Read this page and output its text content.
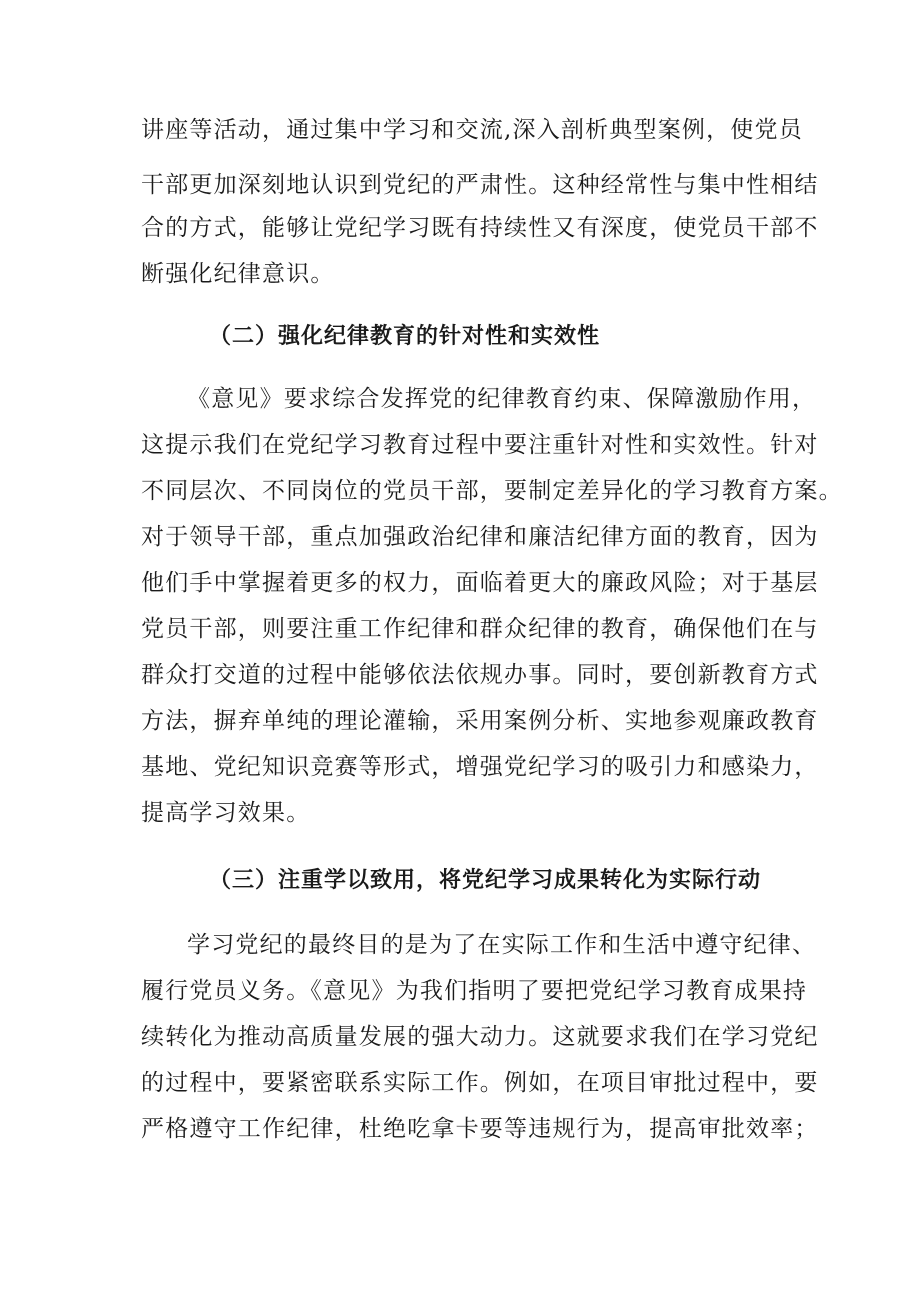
讲座等活动，通过集中学习和交流,深入剖析典型案例，使党员
干部更加深刻地认识到党纪的严肃性。这种经常性与集中性相结
合的方式，能够让党纪学习既有持续性又有深度，使党员干部不
断强化纪律意识。
（二）强化纪律教育的针对性和实效性
《意见》要求综合发挥党的纪律教育约束、保障激励作用，
这提示我们在党纪学习教育过程中要注重针对性和实效性。针对
不同层次、不同岗位的党员干部，要制定差异化的学习教育方案。
对于领导干部，重点加强政治纪律和廉洁纪律方面的教育，因为
他们手中掌握着更多的权力，面临着更大的廉政风险；对于基层
党员干部，则要注重工作纪律和群众纪律的教育，确保他们在与
群众打交道的过程中能够依法依规办事。同时，要创新教育方式
方法，摒弃单纯的理论灌输，采用案例分析、实地参观廉政教育
基地、党纪知识竞赛等形式，增强党纪学习的吸引力和感染力，
提高学习效果。
（三）注重学以致用，将党纪学习成果转化为实际行动
学习党纪的最终目的是为了在实际工作和生活中遵守纪律、
履行党员义务。《意见》为我们指明了要把党纪学习教育成果持
续转化为推动高质量发展的强大动力。这就要求我们在学习党纪
的过程中，要紧密联系实际工作。例如，在项目审批过程中，要
严格遵守工作纪律，杜绝吃拿卡要等违规行为，提高审批效率；
